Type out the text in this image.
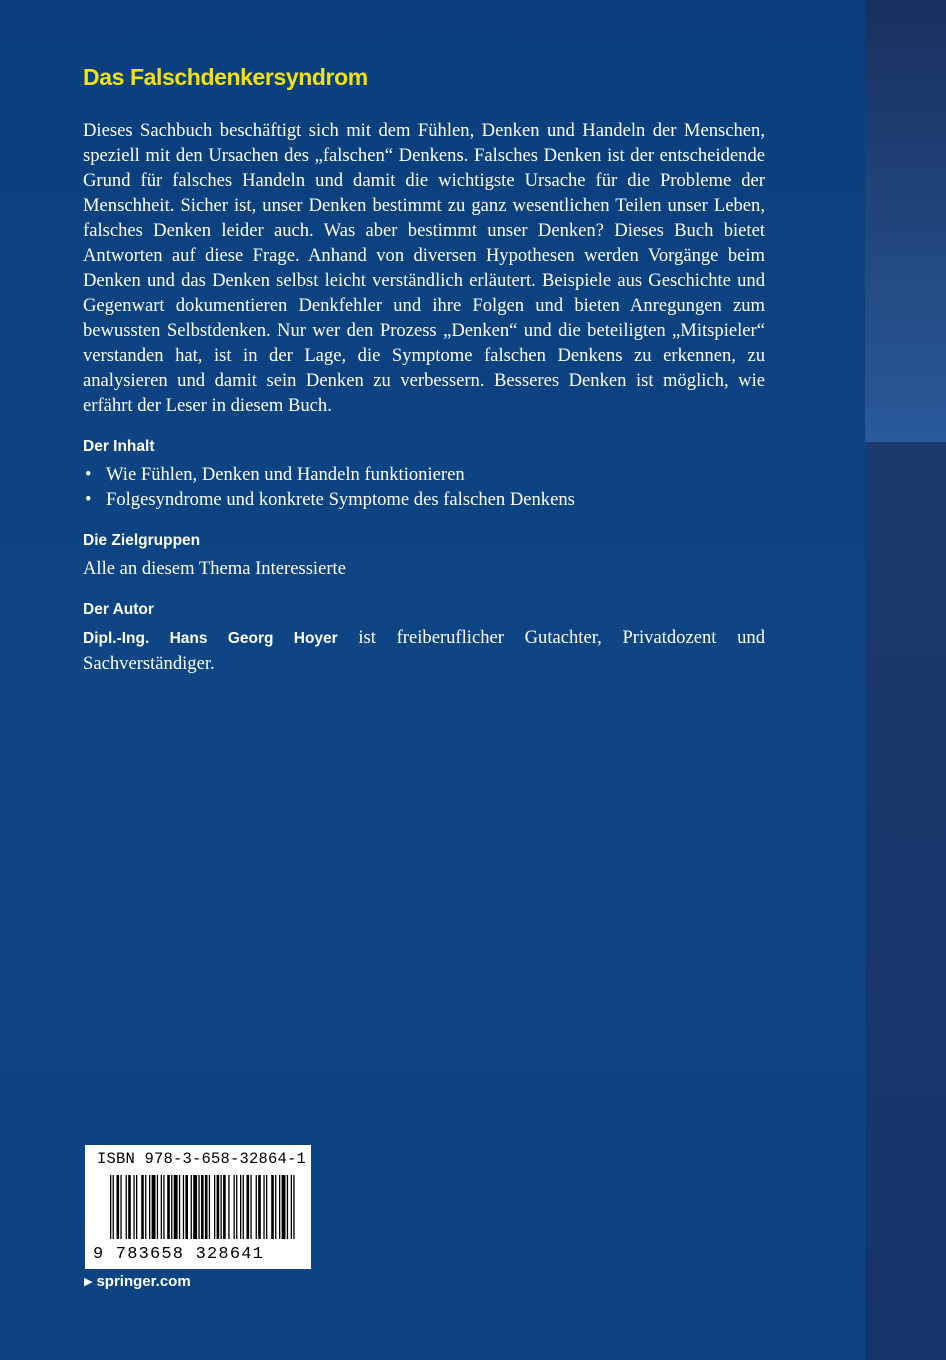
Das Falschdenkersyndrom

Dieses Sachbuch beschäftigt sich mit dem Fühlen, Denken und Handeln der Menschen, speziell mit den Ursachen des „falschen“ Denkens. Falsches Denken ist der entscheidende Grund für falsches Handeln und damit die wichtigste Ursache für die Probleme der Menschheit. Sicher ist, unser Denken bestimmt zu ganz wesentlichen Teilen unser Leben, falsches Denken leider auch. Was aber bestimmt unser Denken? Dieses Buch bietet Antworten auf diese Frage. Anhand von diversen Hypothesen werden Vorgänge beim Denken und das Denken selbst leicht verständlich erläutert. Beispiele aus Geschichte und Gegenwart dokumentieren Denkfehler und ihre Folgen und bieten Anregungen zum bewussten Selbstdenken. Nur wer den Prozess „Denken“ und die beteiligten „Mitspieler“ verstanden hat, ist in der Lage, die Symptome falschen Denkens zu erkennen, zu analysieren und damit sein Denken zu verbessern. Besseres Denken ist möglich, wie erfährt der Leser in diesem Buch.

Der Inhalt
• Wie Fühlen, Denken und Handeln funktionieren
• Folgesyndrome und konkrete Symptome des falschen Denkens
Die Zielgruppen

Alle an diesem Thema Interessierte

Der Autor

Dipl.-Ing. Hans Georg Hoyer ist freiberuflicher Gutachter, Privatdozent und Sachverständiger.

ISBN 978-3-658-32864-1
9 783658 328641
▶ springer.com
